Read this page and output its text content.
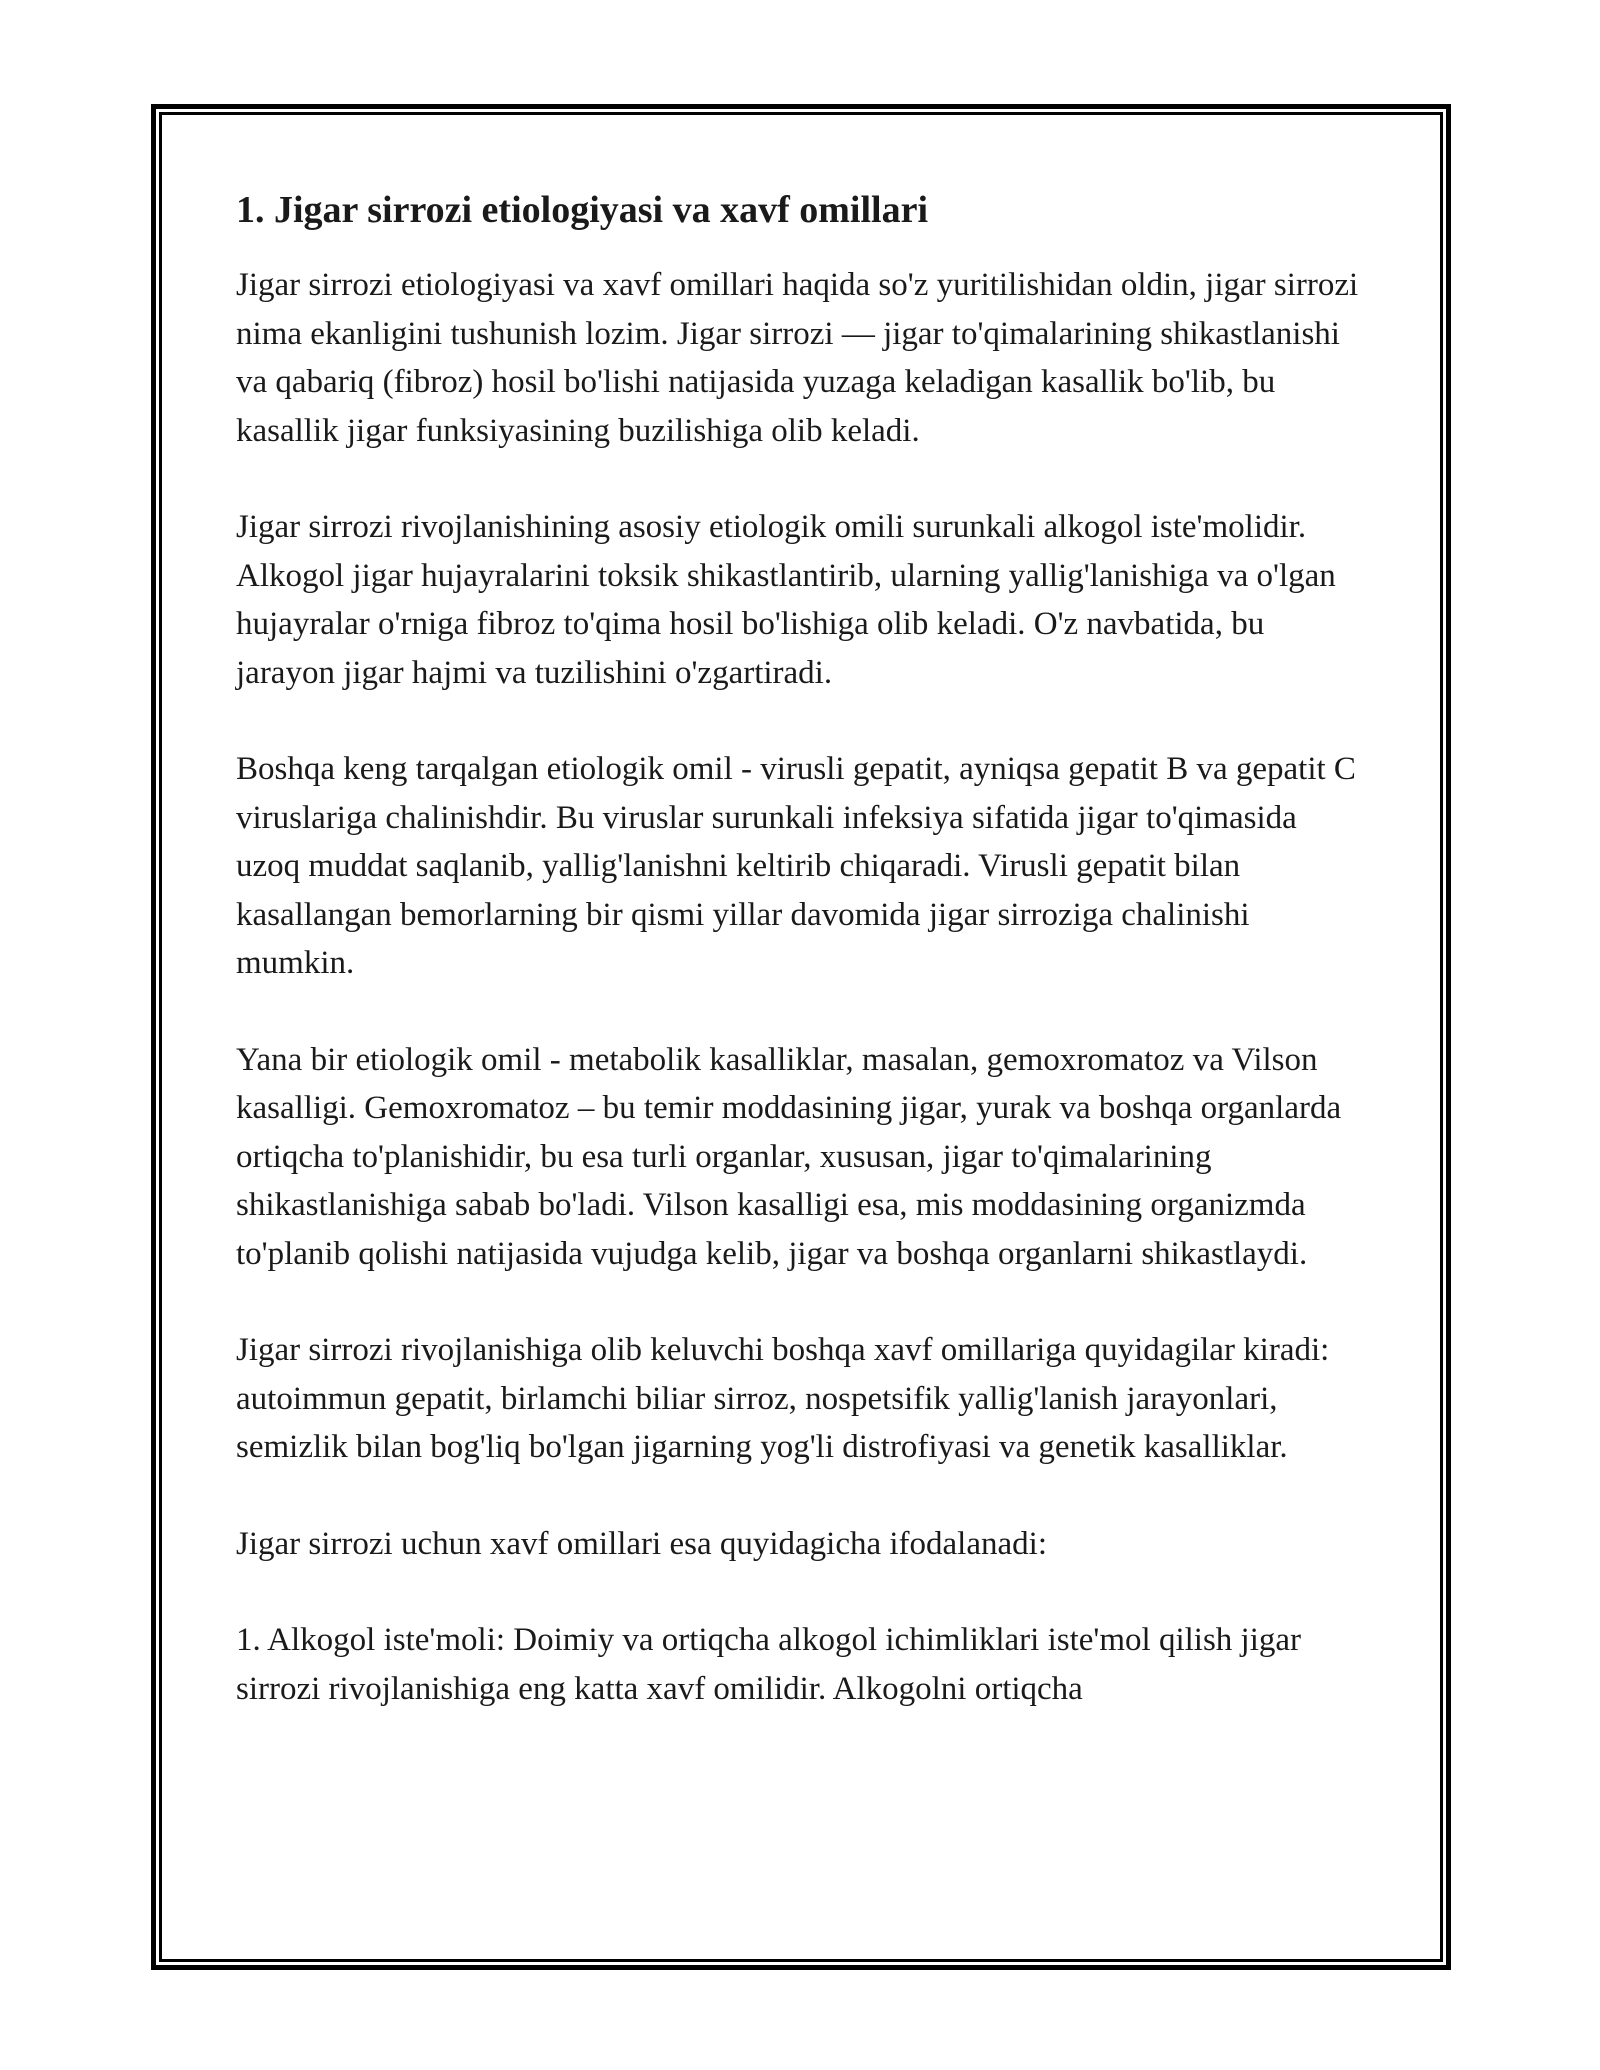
1. Jigar sirrozi etiologiyasi va xavf omillari

Jigar sirrozi etiologiyasi va xavf omillari haqida so'z yuritilishidan oldin, jigar sirrozi nima ekanligini tushunish lozim. Jigar sirrozi — jigar to'qimalarining shikastlanishi va qabariq (fibroz) hosil bo'lishi natijasida yuzaga keladigan kasallik bo'lib, bu kasallik jigar funksiyasining buzilishiga olib keladi.

Jigar sirrozi rivojlanishining asosiy etiologik omili surunkali alkogol iste'molidir. Alkogol jigar hujayralarini toksik shikastlantirib, ularning yallig'lanishiga va o'lgan hujayralar o'rniga fibroz to'qima hosil bo'lishiga olib keladi. O'z navbatida, bu jarayon jigar hajmi va tuzilishini o'zgartiradi.

Boshqa keng tarqalgan etiologik omil - virusli gepatit, ayniqsa gepatit B va gepatit C viruslariga chalinishdir. Bu viruslar surunkali infeksiya sifatida jigar to'qimasida uzoq muddat saqlanib, yallig'lanishni keltirib chiqaradi. Virusli gepatit bilan kasallangan bemorlarning bir qismi yillar davomida jigar sirroziga chalinishi mumkin.

Yana bir etiologik omil - metabolik kasalliklar, masalan, gemoxromatoz va Vilson kasalligi. Gemoxromatoz – bu temir moddasining jigar, yurak va boshqa organlarda ortiqcha to'planishidir, bu esa turli organlar, xususan, jigar to'qimalarining shikastlanishiga sabab bo'ladi. Vilson kasalligi esa, mis moddasining organizmda to'planib qolishi natijasida vujudga kelib, jigar va boshqa organlarni shikastlaydi.

Jigar sirrozi rivojlanishiga olib keluvchi boshqa xavf omillariga quyidagilar kiradi: autoimmun gepatit, birlamchi biliar sirroz, nospetsifik yallig'lanish jarayonlari, semizlik bilan bog'liq bo'lgan jigarning yog'li distrofiyasi va genetik kasalliklar.

Jigar sirrozi uchun xavf omillari esa quyidagicha ifodalanadi:

1. Alkogol iste'moli: Doimiy va ortiqcha alkogol ichimliklari iste'mol qilish jigar sirrozi rivojlanishiga eng katta xavf omilidir. Alkogolni ortiqcha
